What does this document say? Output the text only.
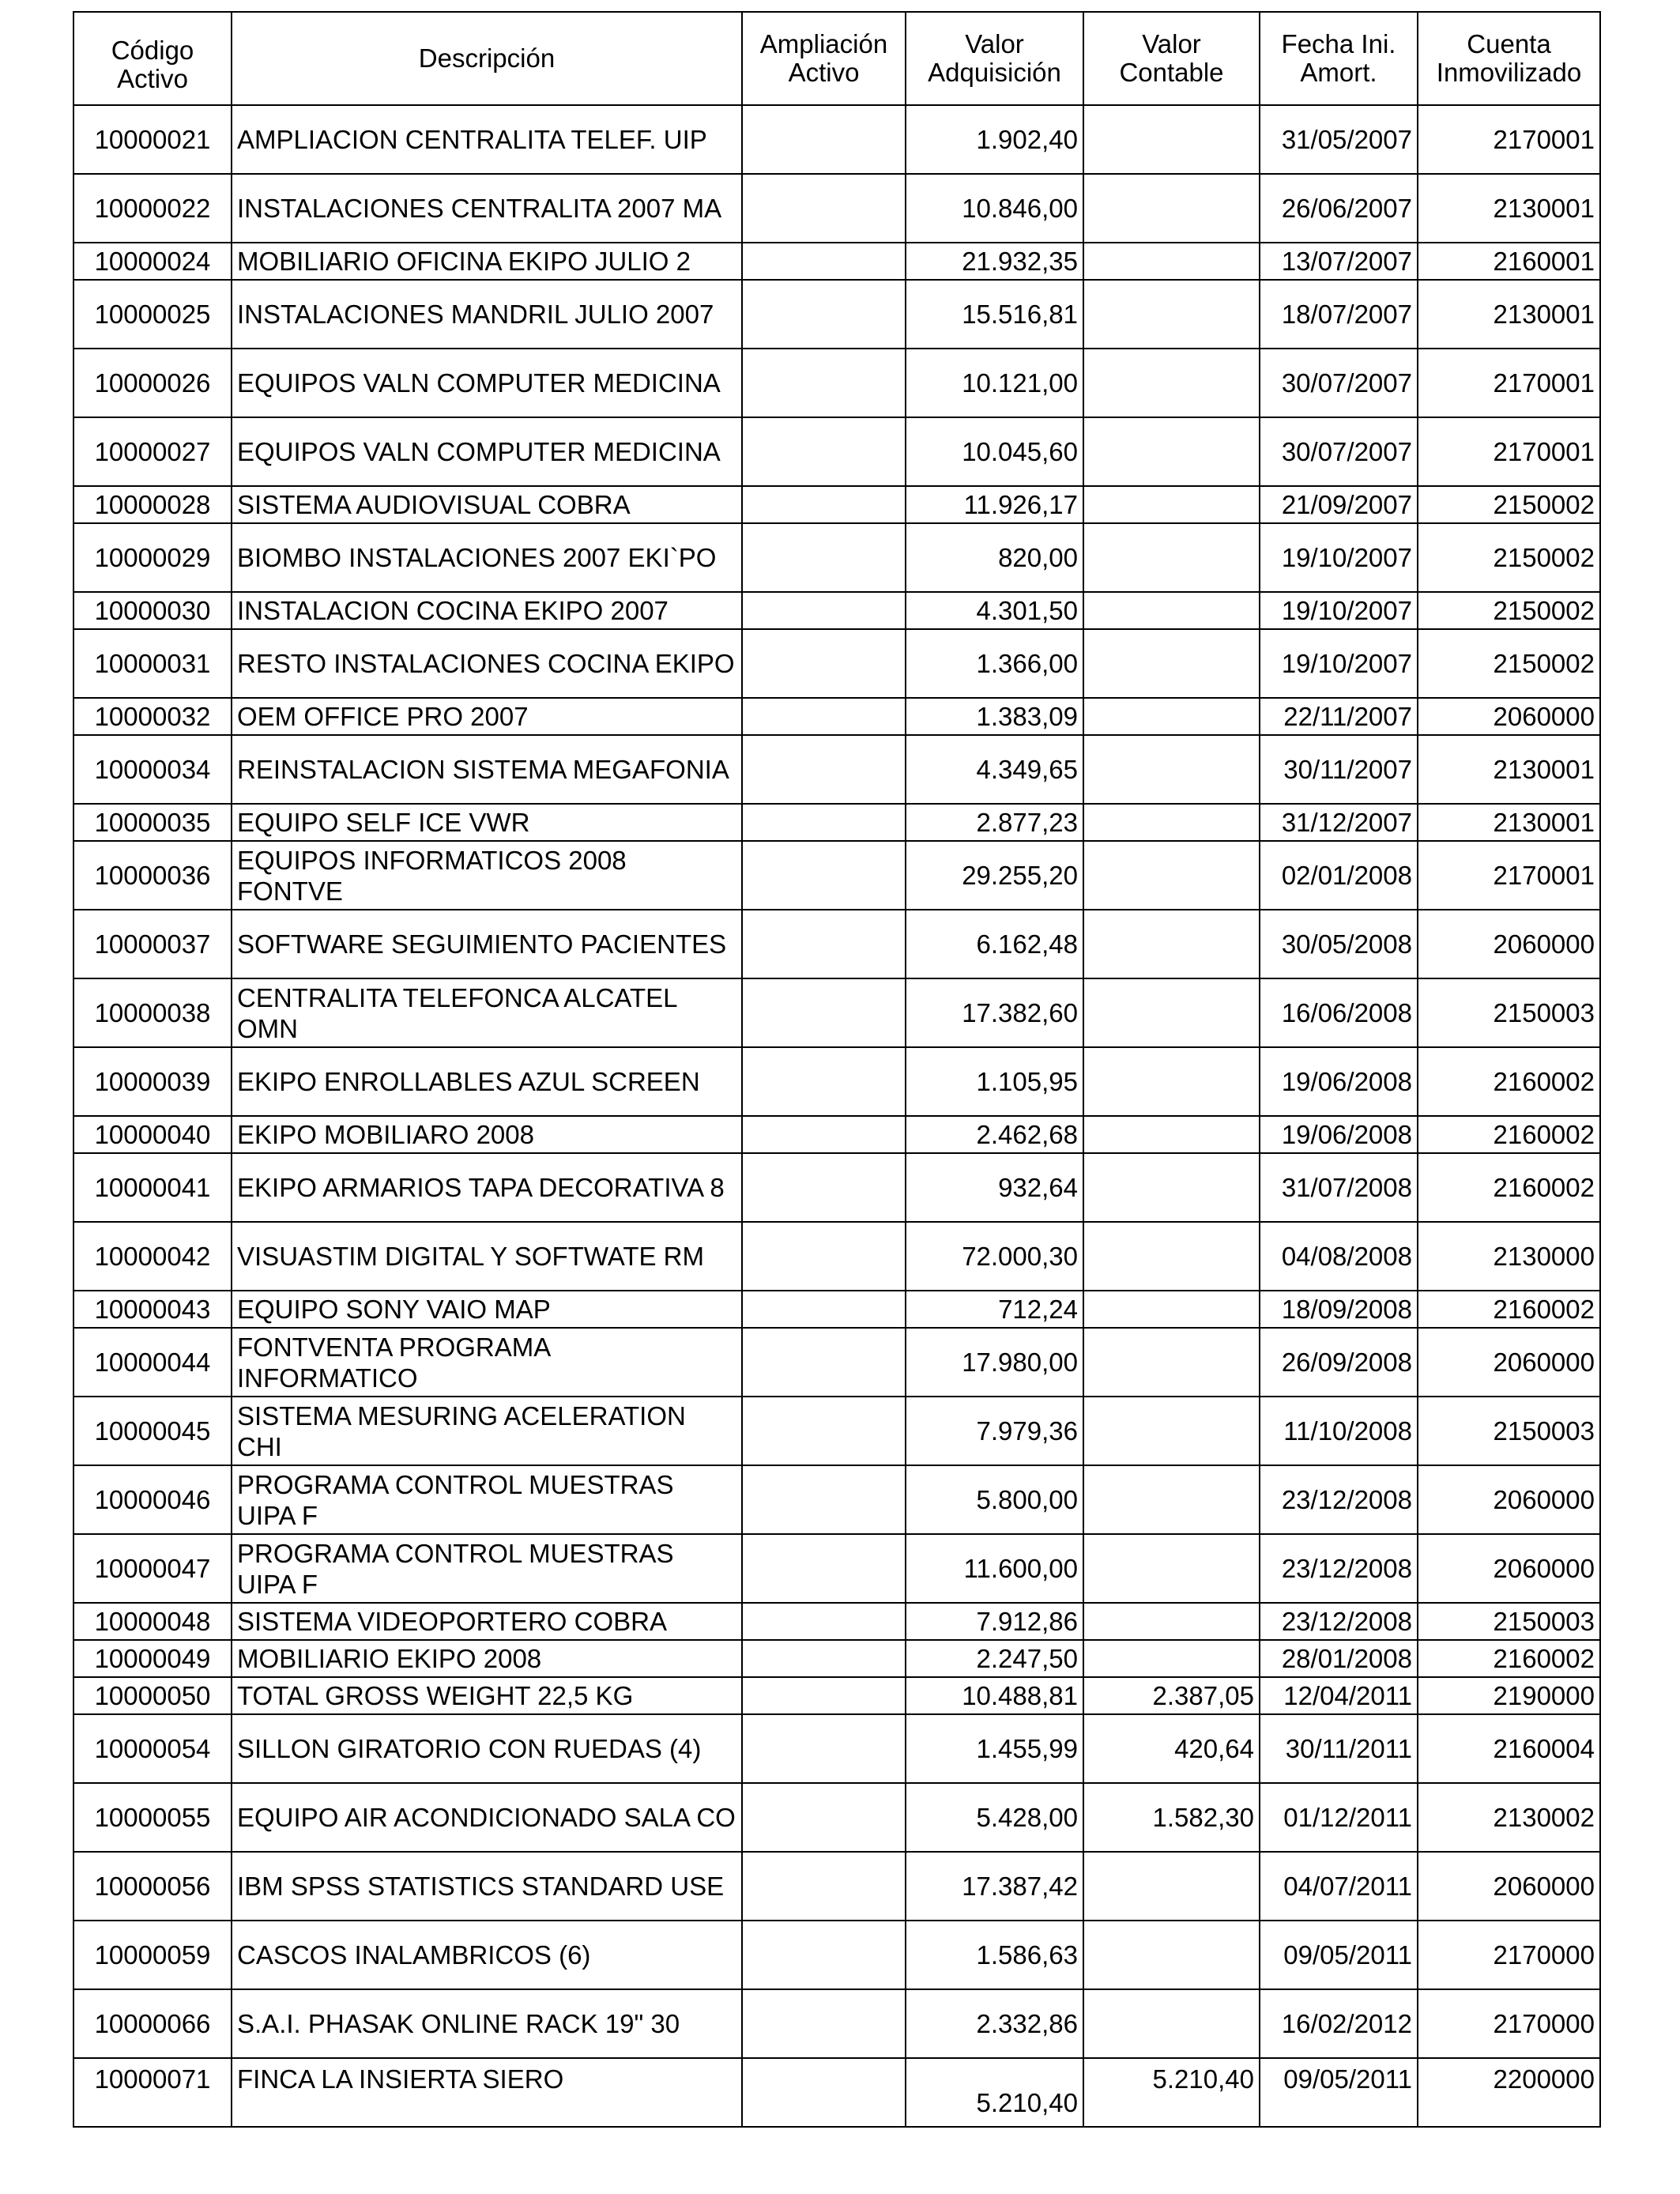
Código Activo	Descripción	Ampliación Activo	Valor Adquisición	Valor Contable	Fecha Ini. Amort.	Cuenta Inmovilizado
10000021	AMPLIACION CENTRALITA TELEF. UIP		1.902,40		31/05/2007	2170001
10000022	INSTALACIONES CENTRALITA 2007 MA		10.846,00		26/06/2007	2130001
10000024	MOBILIARIO OFICINA EKIPO JULIO 2		21.932,35		13/07/2007	2160001
10000025	INSTALACIONES MANDRIL JULIO 2007		15.516,81		18/07/2007	2130001
10000026	EQUIPOS VALN COMPUTER MEDICINA		10.121,00		30/07/2007	2170001
10000027	EQUIPOS VALN COMPUTER MEDICINA		10.045,60		30/07/2007	2170001
10000028	SISTEMA AUDIOVISUAL COBRA		11.926,17		21/09/2007	2150002
10000029	BIOMBO INSTALACIONES 2007 EKI`PO		820,00		19/10/2007	2150002
10000030	INSTALACION COCINA EKIPO 2007		4.301,50		19/10/2007	2150002
10000031	RESTO INSTALACIONES COCINA EKIPO		1.366,00		19/10/2007	2150002
10000032	OEM OFFICE PRO 2007		1.383,09		22/11/2007	2060000
10000034	REINSTALACION SISTEMA MEGAFONIA		4.349,65		30/11/2007	2130001
10000035	EQUIPO SELF ICE VWR		2.877,23		31/12/2007	2130001
10000036	EQUIPOS INFORMATICOS 2008 FONTVE		29.255,20		02/01/2008	2170001
10000037	SOFTWARE SEGUIMIENTO PACIENTES		6.162,48		30/05/2008	2060000
10000038	CENTRALITA TELEFONCA ALCATEL OMN		17.382,60		16/06/2008	2150003
10000039	EKIPO ENROLLABLES AZUL SCREEN		1.105,95		19/06/2008	2160002
10000040	EKIPO MOBILIARO 2008		2.462,68		19/06/2008	2160002
10000041	EKIPO ARMARIOS TAPA DECORATIVA 8		932,64		31/07/2008	2160002
10000042	VISUASTIM DIGITAL Y SOFTWATE RM		72.000,30		04/08/2008	2130000
10000043	EQUIPO SONY VAIO MAP		712,24		18/09/2008	2160002
10000044	FONTVENTA PROGRAMA INFORMATICO		17.980,00		26/09/2008	2060000
10000045	SISTEMA MESURING ACELERATION CHI		7.979,36		11/10/2008	2150003
10000046	PROGRAMA CONTROL MUESTRAS UIPA F		5.800,00		23/12/2008	2060000
10000047	PROGRAMA CONTROL MUESTRAS UIPA F		11.600,00		23/12/2008	2060000
10000048	SISTEMA VIDEOPORTERO COBRA		7.912,86		23/12/2008	2150003
10000049	MOBILIARIO EKIPO 2008		2.247,50		28/01/2008	2160002
10000050	TOTAL GROSS WEIGHT 22,5 KG		10.488,81	2.387,05	12/04/2011	2190000
10000054	SILLON GIRATORIO CON RUEDAS (4)		1.455,99	420,64	30/11/2011	2160004
10000055	EQUIPO AIR ACONDICIONADO SALA CO		5.428,00	1.582,30	01/12/2011	2130002
10000056	IBM SPSS STATISTICS STANDARD USE		17.387,42		04/07/2011	2060000
10000059	CASCOS INALAMBRICOS (6)		1.586,63		09/05/2011	2170000
10000066	S.A.I. PHASAK ONLINE RACK 19" 30		2.332,86		16/02/2012	2170000
10000071	FINCA LA INSIERTA SIERO		5.210,40	5.210,40	09/05/2011	2200000
